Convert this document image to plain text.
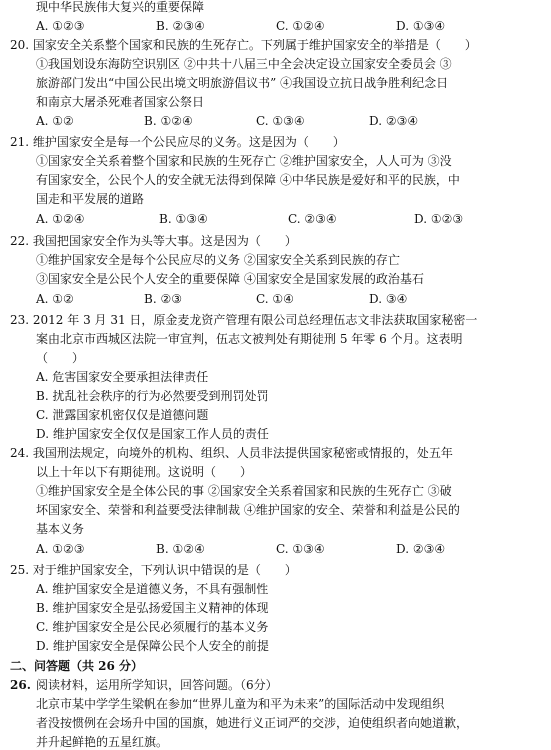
现中华民族伟大复兴的重要保障
A. ①②③	B. ②③④	C. ①②④	D. ①③④
20. 国家安全关系整个国家和民族的生死存亡。下列属于维护国家安全的举措是（　　）
①我国划设东海防空识别区 ②中共十八届三中全会决定设立国家安全委员会 ③
旅游部门发出“中国公民出境文明旅游倡议书” ④我国设立抗日战争胜利纪念日
和南京大屠杀死难者国家公祭日
A. ①②	B. ①②④	C. ①③④	D. ②③④
21. 维护国家安全是每一个公民应尽的义务。这是因为（　　）
①国家安全关系着整个国家和民族的生死存亡 ②维护国家安全，人人可为 ③没
有国家安全，公民个人的安全就无法得到保障 ④中华民族是爱好和平的民族，中
国走和平发展的道路
A. ①②④	B. ①③④	C. ②③④	D. ①②③
22. 我国把国家安全作为头等大事。这是因为（　　）
①维护国家安全是每个公民应尽的义务 ②国家安全关系到民族的存亡
③国家安全是公民个人安全的重要保障 ④国家安全是国家发展的政治基石
A. ①②	B. ②③	C. ①④	D. ③④
23. 2012 年 3 月 31 日，原金麦龙资产管理有限公司总经理伍志文非法获取国家秘密一
案由北京市西城区法院一审宣判，伍志文被判处有期徒刑 5 年零 6 个月。这表明
（　　）
A. 危害国家安全要承担法律责任
B. 扰乱社会秩序的行为必然要受到刑罚处罚
C. 泄露国家机密仅仅是道德问题
D. 维护国家安全仅仅是国家工作人员的责任
24. 我国刑法规定，向境外的机构、组织、人员非法提供国家秘密或情报的，处五年
以上十年以下有期徒刑。这说明（　　）
①维护国家安全是全体公民的事 ②国家安全关系着国家和民族的生死存亡 ③破
坏国家安全、荣誉和利益要受法律制裁 ④维护国家的安全、荣誉和利益是公民的
基本义务
A. ①②③	B. ①②④	C. ①③④	D. ②③④
25. 对于维护国家安全，下列认识中错误的是（　　）
A. 维护国家安全是道德义务，不具有强制性
B. 维护国家安全是弘扬爱国主义精神的体现
C. 维护国家安全是公民必须履行的基本义务
D. 维护国家安全是保障公民个人安全的前提
二、问答题（共 26 分）
26. 阅读材料，运用所学知识，回答问题。（6分）
北京市某中学学生梁帆在参加“世界儿童为和平为未来”的国际活动中发现组织
者没按惯例在会场升中国的国旗，她进行义正词严的交涉，迫使组织者向她道歉，
并升起鲜艳的五星红旗。
